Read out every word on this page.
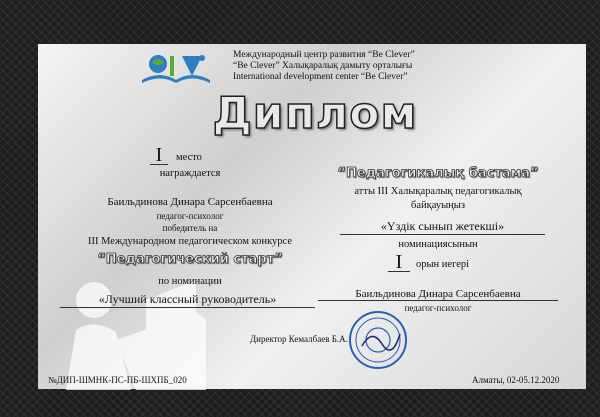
Международный центр развития “Be Clever”
“Be Clever” Халықаралық дамыту орталығы
International development center “Be Clever”
Диплом
I	место
награждается
Баильдинова Динара Сарсенбаевна
педагог-психолог
победитель на
III Международном педагогическом конкурсе
“Педагогический старт”
по номинации
«Лучший классный руководитель»
“Педагогикалық бастама”
атты III Халықаралық педагогикалық
байқауыңыз
«Үздік сынып жетекші»
номинациясынын
I	орын иегері
Баильдинова Динара Сарсенбаевна
педагог-психолог
Директор Кемалбаев Б.А.
№ДИП-ШМНК-ПС-ПБ-ШХПБ_020	Алматы, 02-05.12.2020
